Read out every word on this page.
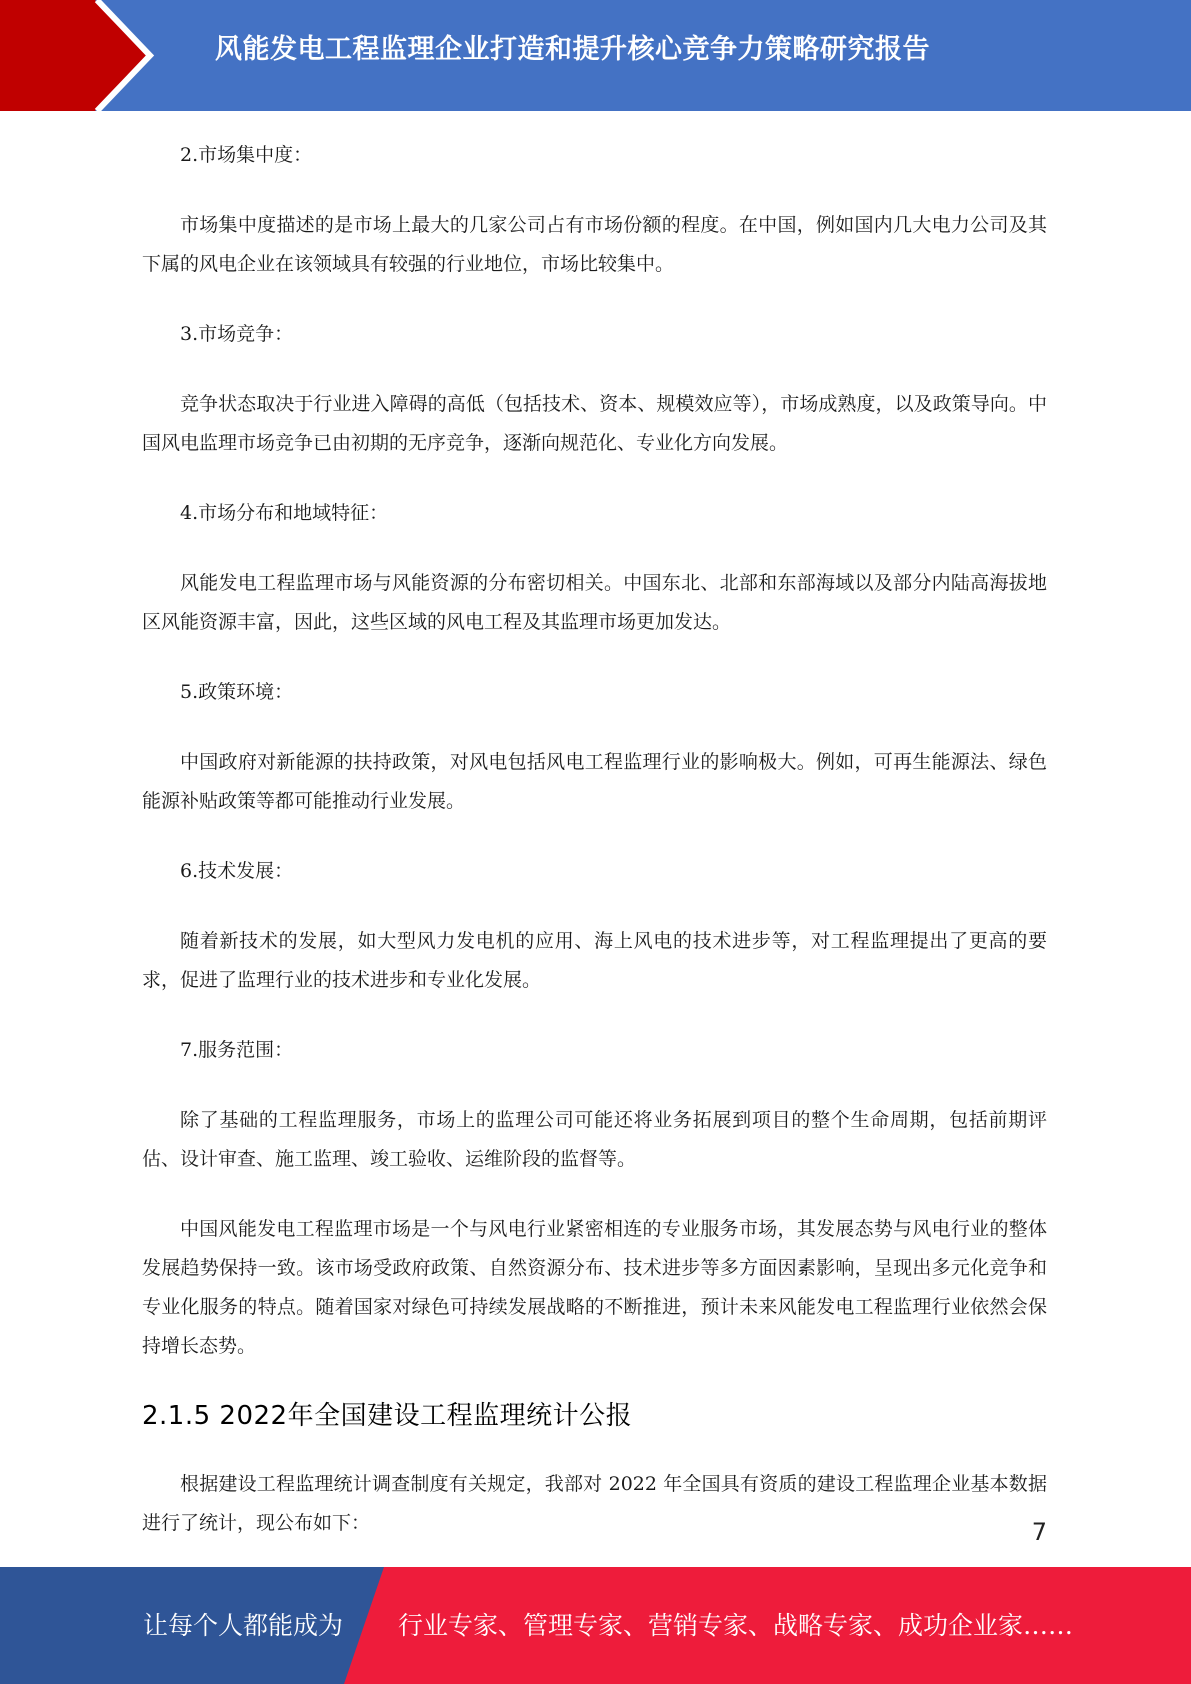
风能发电工程监理企业打造和提升核心竞争力策略研究报告

2.市场集中度：

市场集中度描述的是市场上最大的几家公司占有市场份额的程度。在中国，例如国内几大电力公司及其下属的风电企业在该领域具有较强的行业地位，市场比较集中。

3.市场竞争：

竞争状态取决于行业进入障碍的高低（包括技术、资本、规模效应等），市场成熟度，以及政策导向。中国风电监理市场竞争已由初期的无序竞争，逐渐向规范化、专业化方向发展。

4.市场分布和地域特征：

风能发电工程监理市场与风能资源的分布密切相关。中国东北、北部和东部海域以及部分内陆高海拔地区风能资源丰富，因此，这些区域的风电工程及其监理市场更加发达。

5.政策环境：

中国政府对新能源的扶持政策，对风电包括风电工程监理行业的影响极大。例如，可再生能源法、绿色能源补贴政策等都可能推动行业发展。

6.技术发展：

随着新技术的发展，如大型风力发电机的应用、海上风电的技术进步等，对工程监理提出了更高的要求，促进了监理行业的技术进步和专业化发展。

7.服务范围：

除了基础的工程监理服务，市场上的监理公司可能还将业务拓展到项目的整个生命周期，包括前期评估、设计审查、施工监理、竣工验收、运维阶段的监督等。

中国风能发电工程监理市场是一个与风电行业紧密相连的专业服务市场，其发展态势与风电行业的整体发展趋势保持一致。该市场受政府政策、自然资源分布、技术进步等多方面因素影响，呈现出多元化竞争和专业化服务的特点。随着国家对绿色可持续发展战略的不断推进，预计未来风能发电工程监理行业依然会保持增长态势。

2.1.5 2022年全国建设工程监理统计公报

根据建设工程监理统计调查制度有关规定，我部对 2022 年全国具有资质的建设工程监理企业基本数据进行了统计，现公布如下：	7
让每个人都能成为 行业专家、管理专家、营销专家、战略专家、成功企业家……
